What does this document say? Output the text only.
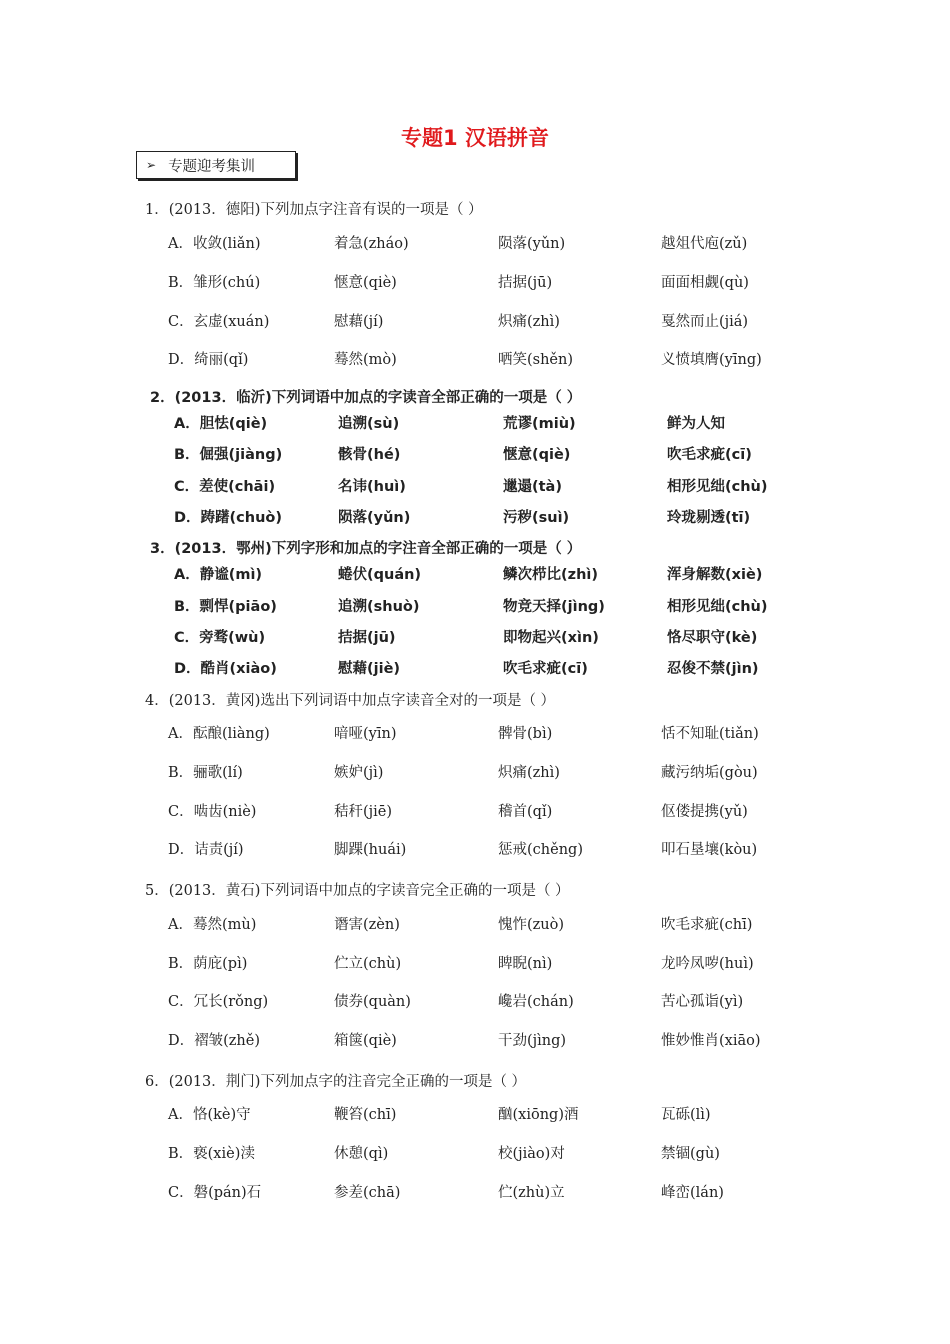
专题1 汉语拼音
➢ 专题迎考集训
1．(2013．德阳)下列加点字注音有误的一项是（ ）
A．收敛(liǎn)	着急(zháo)	陨落(yǔn)	越俎代庖(zǔ)
B．雏形(chú)	惬意(qiè)	拮据(jū)	面面相觑(qù)
C．玄虚(xuán)	慰藉(jí)	炽痛(zhì)	戛然而止(jiá)
D．绮丽(qǐ)	蓦然(mò)	哂笑(shěn)	义愤填膺(yīng)
2．(2013．临沂)下列词语中加点的字读音全部正确的一项是（ ）
A．胆怯(qiè)	追溯(sù)	荒谬(miù)	鲜为人知
B．倔强(jiàng)	骸骨(hé)	惬意(qiè)	吹毛求疵(cī)
C．差使(chāi)	名讳(huì)	邋遢(tà)	相形见绌(chù)
D．踌躇(chuò)	陨落(yǔn)	污秽(suì)	玲珑剔透(tī)
3．(2013．鄂州)下列字形和加点的字注音全部正确的一项是（ ）
A．静谧(mì)	蜷伏(quán)	鳞次栉比(zhì)	浑身解数(xiè)
B．剽悍(piāo)	追溯(shuò)	物竞天择(jìng)	相形见绌(chù)
C．旁骛(wù)	拮据(jū)	即物起兴(xìn)	恪尽职守(kè)
D．酷肖(xiào)	慰藉(jiè)	吹毛求疵(cī)	忍俊不禁(jìn)
4．(2013．黄冈)选出下列词语中加点字读音全对的一项是（ ）
A．酝酿(liàng)	喑哑(yīn)	髀骨(bì)	恬不知耻(tiǎn)
B．骊歌(lí)	嫉妒(jì)	炽痛(zhì)	藏污纳垢(gòu)
C．啮齿(niè)	秸秆(jiē)	稽首(qǐ)	伛偻提携(yǔ)
D．诘责(jí)	脚踝(huái)	惩戒(chěng)	叩石垦壤(kòu)
5．(2013．黄石)下列词语中加点的字读音完全正确的一项是（ ）
A．蓦然(mù)	谮害(zèn)	愧怍(zuò)	吹毛求疵(chī)
B．荫庇(pì)	伫立(chù)	睥睨(nì)	龙吟凤哕(huì)
C．冗长(rǒng)	债券(quàn)	巉岩(chán)	苦心孤诣(yì)
D．褶皱(zhě)	箱箧(qiè)	干劲(jìng)	惟妙惟肖(xiāo)
6．(2013．荆门)下列加点字的注音完全正确的一项是（ ）
A．恪(kè)守	鞭笞(chī)	酗(xiōng)酒	瓦砾(lì)
B．亵(xiè)渎	休憩(qì)	校(jiào)对	禁锢(gù)
C．磐(pán)石	参差(chā)	伫(zhù)立	峰峦(lán)
